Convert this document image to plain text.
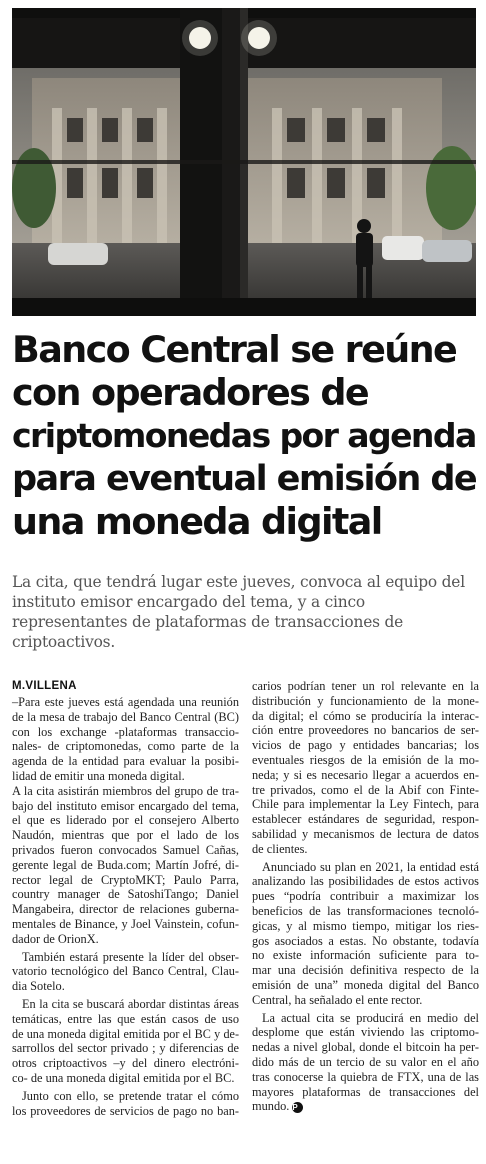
Banco Central se reúne
con operadores de
criptomonedas por agenda
para eventual emisión de
una moneda digital
La cita, que tendrá lugar este jueves, convoca al equipo del
instituto emisor encargado del tema, y a cinco
representantes de plataformas de transacciones de
criptoactivos.
M.VILLENA
–Para este jueves está agendada una reunión
de la mesa de trabajo del Banco Central (BC)
con los exchange -plataformas transaccio-
nales- de criptomonedas, como parte de la
agenda de la entidad para evaluar la posibi-
lidad de emitir una moneda digital.
A la cita asistirán miembros del grupo de tra-
bajo del instituto emisor encargado del tema,
el que es liderado por el consejero Alberto
Naudón, mientras que por el lado de los
privados fueron convocados Samuel Cañas,
gerente legal de Buda.com; Martín Jofré, di-
rector legal de CryptoMKT; Paulo Parra,
country manager de SatoshiTango; Daniel
Mangabeira, director de relaciones guberna-
mentales de Binance, y Joel Vainstein, cofun-
dador de OrionX.
También estará presente la líder del obser-
vatorio tecnológico del Banco Central, Clau-
dia Sotelo.
En la cita se buscará abordar distintas áreas
temáticas, entre las que están casos de uso
de una moneda digital emitida por el BC y de-
sarrollos del sector privado ; y diferencias de
otros criptoactivos –y del dinero electróni-
co- de una moneda digital emitida por el BC.
Junto con ello, se pretende tratar el cómo
los proveedores de servicios de pago no ban-
carios podrían tener un rol relevante en la
distribución y funcionamiento de la mone-
da digital; el cómo se produciría la interac-
ción entre proveedores no bancarios de ser-
vicios de pago y entidades bancarias; los
eventuales riesgos de la emisión de la mo-
neda; y si es necesario llegar a acuerdos en-
tre privados, como el de la Abif con Finte-
Chile para implementar la Ley Fintech, para
establecer estándares de seguridad, respon-
sabilidad y mecanismos de lectura de datos
de clientes.
Anunciado su plan en 2021, la entidad está
analizando las posibilidades de estos activos
pues “podría contribuir a maximizar los
beneficios de las transformaciones tecnoló-
gicas, y al mismo tiempo, mitigar los ries-
gos asociados a estas. No obstante, todavía
no existe información suficiente para to-
mar una decisión definitiva respecto de la
emisión de una” moneda digital del Banco
Central, ha señalado el ente rector.
La actual cita se producirá en medio del
desplome que están viviendo las criptomo-
nedas a nivel global, donde el bitcoin ha per-
dido más de un tercio de su valor en el año
tras conocerse la quiebra de FTX, una de las
mayores plataformas de transacciones del
mundo. P
